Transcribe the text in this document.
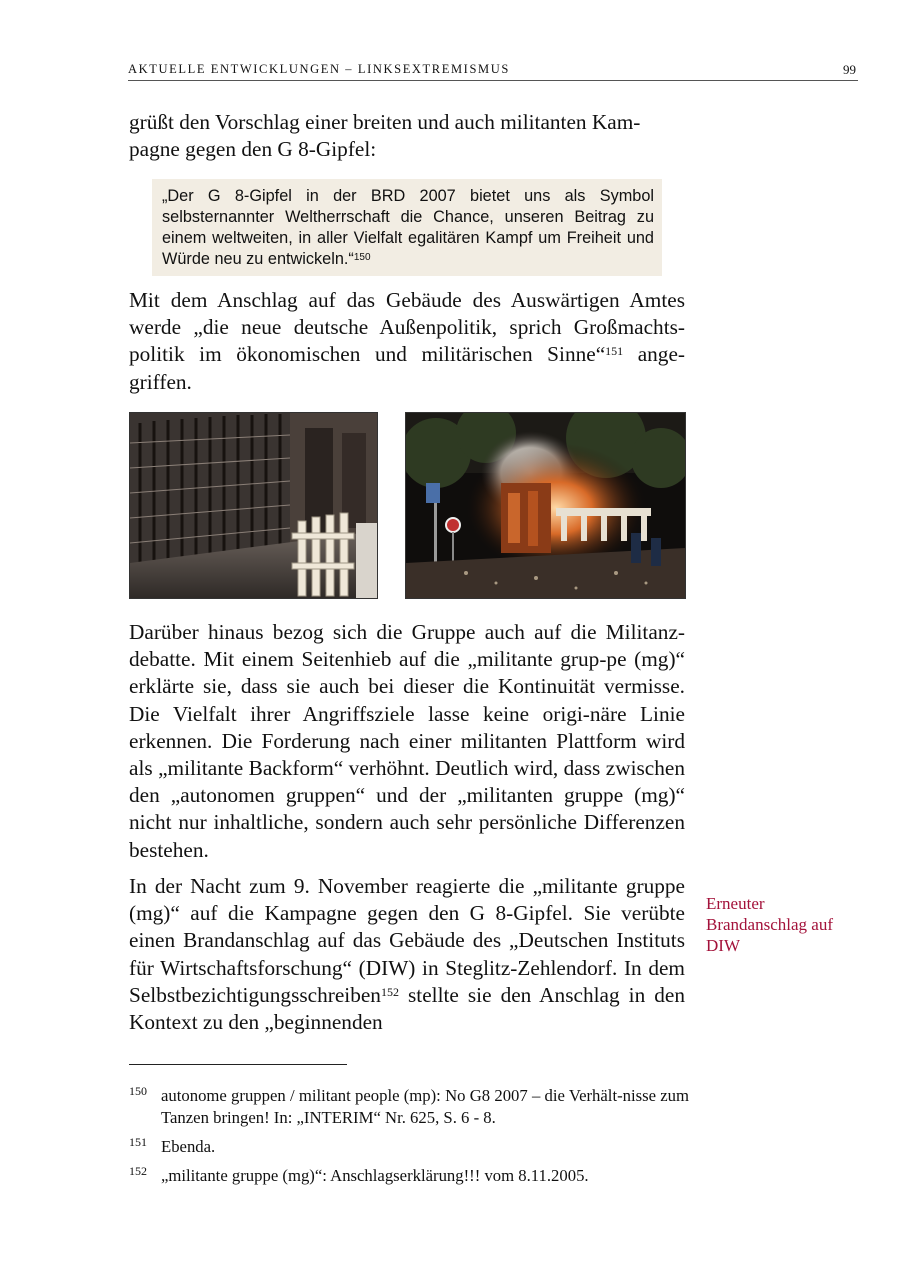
AKTUELLE ENTWICKLUNGEN – LINKSEXTREMISMUS	99

grüßt den Vorschlag einer breiten und auch militanten Kam-
pagne gegen den G 8-Gipfel:

„Der G 8-Gipfel in der BRD 2007 bietet uns als Symbol selbsternannter Weltherrschaft die Chance, unseren Beitrag zu einem weltweiten, in aller Vielfalt egalitären Kampf um Freiheit und Würde neu zu entwickeln.“$^{150}$

Mit dem Anschlag auf das Gebäude des Auswärtigen Amtes werde „die neue deutsche Außenpolitik, sprich Großmachts-politik im ökonomischen und militärischen Sinne“$^{151}$ ange-griffen.

Darüber hinaus bezog sich die Gruppe auch auf die Militanz-debatte. Mit einem Seitenhieb auf die „militante grup-pe (mg)“ erklärte sie, dass sie auch bei dieser die Kontinuität vermisse. Die Vielfalt ihrer Angriffsziele lasse keine origi-näre Linie erkennen. Die Forderung nach einer militanten Plattform wird als „militante Backform“ verhöhnt. Deutlich wird, dass zwischen den „autonomen gruppen“ und der „militanten gruppe (mg)“ nicht nur inhaltliche, sondern auch sehr persönliche Differenzen bestehen.

In der Nacht zum 9. November reagierte die „militante gruppe (mg)“ auf die Kampagne gegen den G 8-Gipfel. Sie verübte einen Brandanschlag auf das Gebäude des „Deutschen Instituts für Wirtschaftsforschung“ (DIW) in Steglitz-Zehlendorf. In dem Selbstbezichtigungsschreiben$^{152}$ stellte sie den Anschlag in den Kontext zu den „beginnenden

Erneuter
Brandanschlag auf
DIW
150 autonome gruppen / militant people (mp): No G8 2007 – die Verhält-nisse zum Tanzen bringen! In: „INTERIM“ Nr. 625, S. 6 - 8.
151 Ebenda.
152 „militante gruppe (mg)“: Anschlagserklärung!!! vom 8.11.2005.
